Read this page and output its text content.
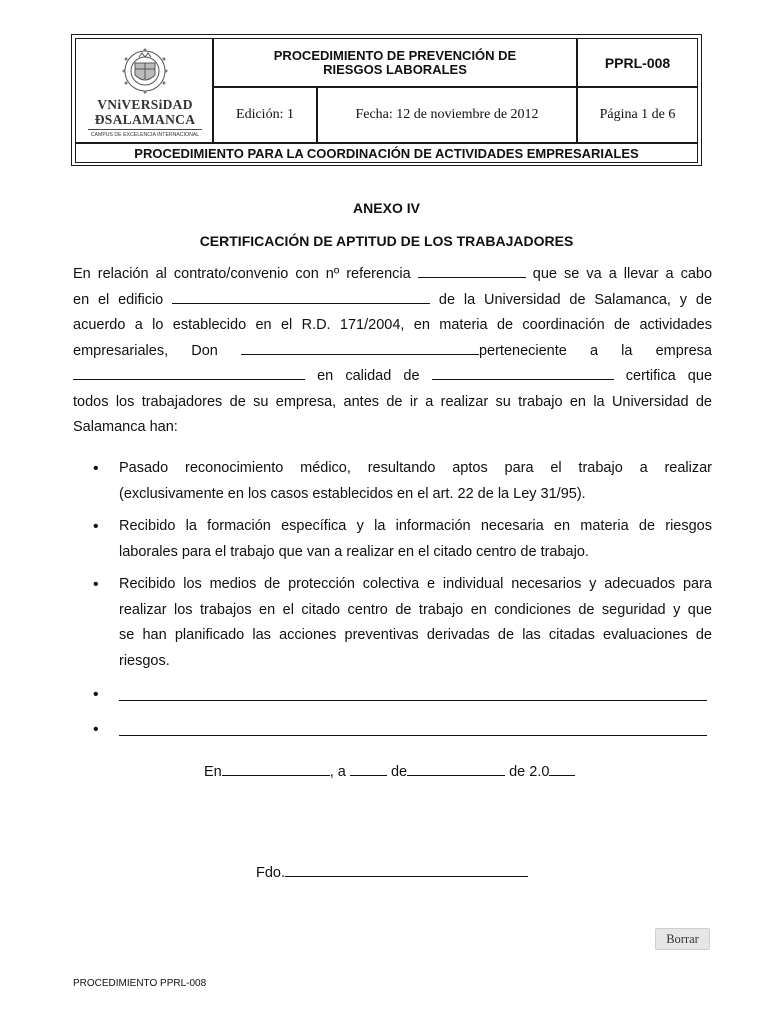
VNiVERSiDAD
ÐSALAMANCA
CAMPUS DE EXCELENCIA INTERNACIONAL
PROCEDIMIENTO DE PREVENCIÓN DE
RIESGOS LABORALES	PPRL-008
Edición: 1	Fecha: 12 de noviembre de 2012	Página 1 de 6
PROCEDIMIENTO PARA LA COORDINACIÓN DE ACTIVIDADES EMPRESARIALES
ANEXO IV
CERTIFICACIÓN DE APTITUD DE LOS TRABAJADORES
En relación al contrato/convenio con nº referencia	que se va a llevar a cabo
en el edificio	de la Universidad de Salamanca, y de
acuerdo a lo establecido en el R.D. 171/2004, en materia de coordinación de actividades
empresariales, Don	perteneciente a la empresa
en calidad de	certifica que
todos los trabajadores de su empresa, antes de ir a realizar su trabajo en la Universidad de
Salamanca han:
•	Pasado reconocimiento médico, resultando aptos para el trabajo a realizar
(exclusivamente en los casos establecidos en el art. 22 de la Ley 31/95).
•	Recibido la formación específica y la información necesaria en materia de riesgos
laborales para el trabajo que van a realizar en el citado centro de trabajo.
•	Recibido los medios de protección colectiva e individual necesarios y adecuados para
realizar los trabajos en el citado centro de trabajo en condiciones de seguridad y que
se han planificado las acciones preventivas derivadas de las citadas evaluaciones de
riesgos.
•
•
En	, a	de	de 2.0
Fdo.
Borrar
PROCEDIMIENTO PPRL-008
